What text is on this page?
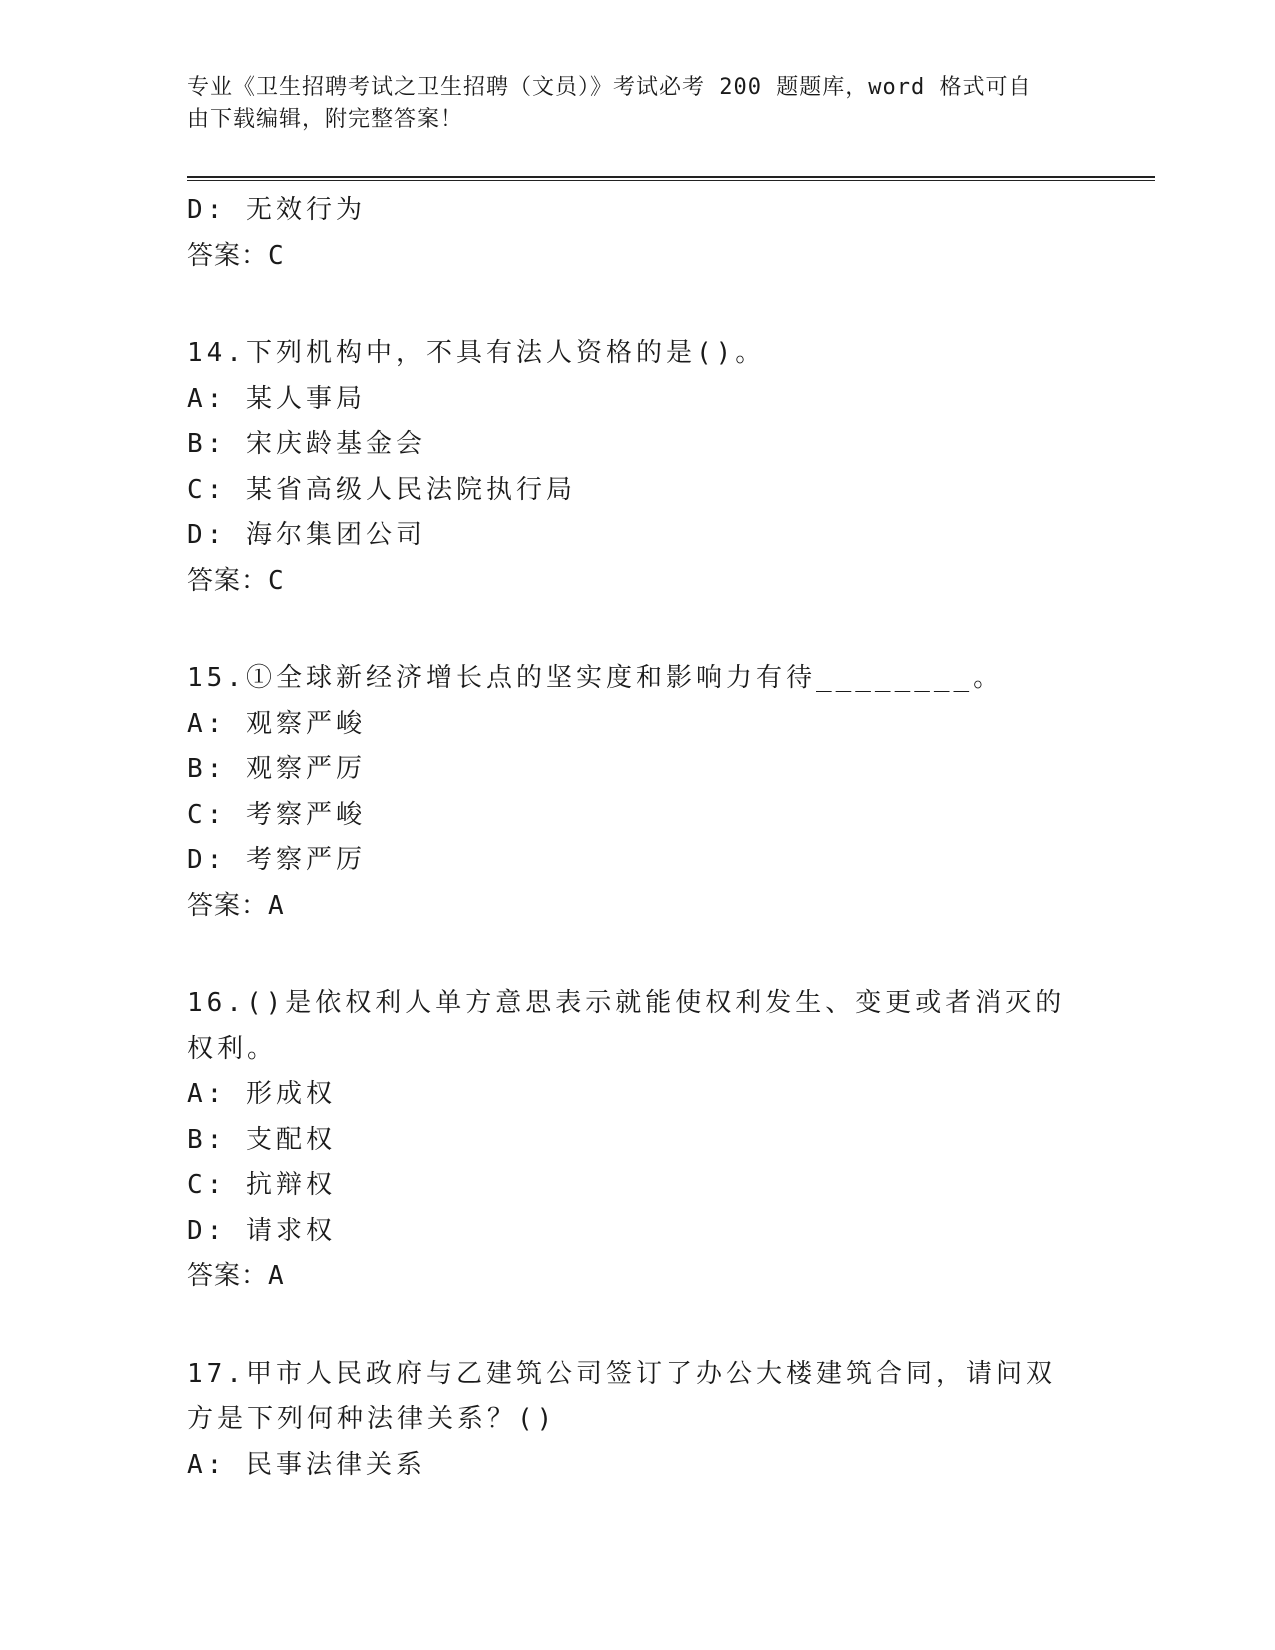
专业《卫生招聘考试之卫生招聘（文员）》考试必考 200 题题库，word 格式可自
由下载编辑，附完整答案！
D: 无效行为
答案：C
14.下列机构中，不具有法人资格的是()。
A: 某人事局
B: 宋庆龄基金会
C: 某省高级人民法院执行局
D: 海尔集团公司
答案：C
15.①全球新经济增长点的坚实度和影响力有待________。
A: 观察严峻
B: 观察严厉
C: 考察严峻
D: 考察严厉
答案：A
16.()是依权利人单方意思表示就能使权利发生、变更或者消灭的权利。
A: 形成权
B: 支配权
C: 抗辩权
D: 请求权
答案：A
17.甲市人民政府与乙建筑公司签订了办公大楼建筑合同，请问双方是下列何种法律关系？()
A: 民事法律关系
